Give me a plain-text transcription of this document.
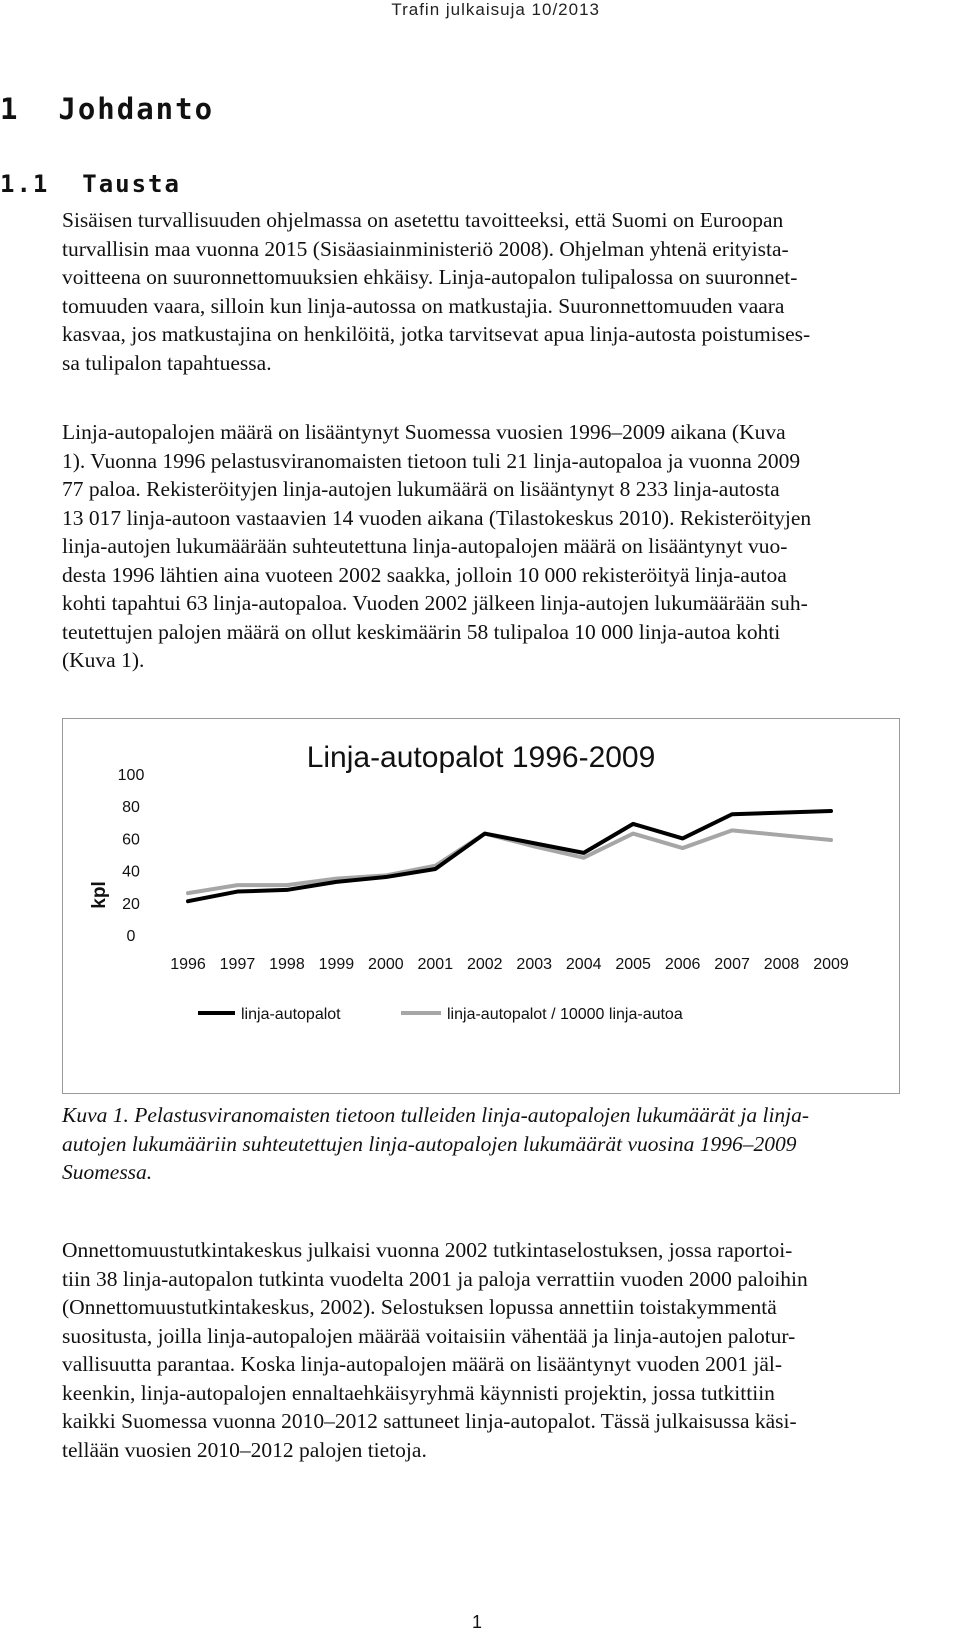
Trafin julkaisuja 10/2013
1  Johdanto
1.1  Tausta

Sisäisen turvallisuuden ohjelmassa on asetettu tavoitteeksi, että Suomi on Euroopan

turvallisin maa vuonna 2015 (Sisäasiainministeriö 2008). Ohjelman yhtenä erityista-

voitteena on suuronnettomuuksien ehkäisy. Linja-autopalon tulipalossa on suuronnet-

tomuuden vaara, silloin kun linja-autossa on matkustajia. Suuronnettomuuden vaara

kasvaa, jos matkustajina on henkilöitä, jotka tarvitsevat apua linja-autosta poistumises-

sa tulipalon tapahtuessa.

Linja-autopalojen määrä on lisääntynyt Suomessa vuosien 1996–2009 aikana (Kuva

1). Vuonna 1996 pelastusviranomaisten tietoon tuli 21 linja-autopaloa ja vuonna 2009

77 paloa. Rekisteröityjen linja-autojen lukumäärä on lisääntynyt 8 233 linja-autosta

13 017 linja-autoon vastaavien 14 vuoden aikana (Tilastokeskus 2010). Rekisteröityjen

linja-autojen lukumäärään suhteutettuna linja-autopalojen määrä on lisääntynyt vuo-

desta 1996 lähtien aina vuoteen 2002 saakka, jolloin 10 000 rekisteröityä linja-autoa

kohti tapahtui 63 linja-autopaloa. Vuoden 2002 jälkeen linja-autojen lukumäärään suh-

teutettujen palojen määrä on ollut keskimäärin 58 tulipaloa 10 000 linja-autoa kohti

(Kuva 1).

Linja-autopalot 1996-2009
kpl
0
20
40
60
80
100
1996 1997 1998 1999 2000 2001 2002 2003 2004 2005 2006 2007 2008 2009
linja-autopalot	linja-autopalot / 10000 linja-autoa

Kuva 1. Pelastusviranomaisten tietoon tulleiden linja-autopalojen lukumäärät ja linja-

autojen lukumääriin suhteutettujen linja-autopalojen lukumäärät vuosina 1996–2009

Suomessa.

Onnettomuustutkintakeskus julkaisi vuonna 2002 tutkintaselostuksen, jossa raportoi-

tiin 38 linja-autopalon tutkinta vuodelta 2001 ja paloja verrattiin vuoden 2000 paloihin

(Onnettomuustutkintakeskus, 2002). Selostuksen lopussa annettiin toistakymmentä

suositusta, joilla linja-autopalojen määrää voitaisiin vähentää ja linja-autojen palotur-

vallisuutta parantaa. Koska linja-autopalojen määrä on lisääntynyt vuoden 2001 jäl-

keenkin, linja-autopalojen ennaltaehkäisyryhmä käynnisti projektin, jossa tutkittiin

kaikki Suomessa vuonna 2010–2012 sattuneet linja-autopalot. Tässä julkaisussa käsi-

tellään vuosien 2010–2012 palojen tietoja.

1
